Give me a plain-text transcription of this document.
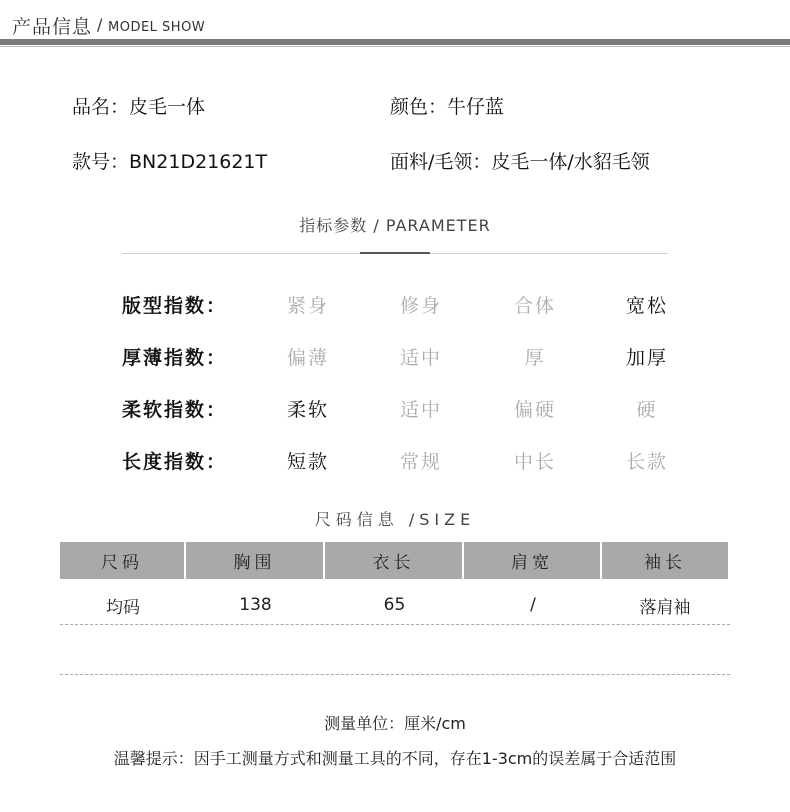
产品信息 / MODEL SHOW
品名：皮毛一体	颜色：牛仔蓝
款号：BN21D21621T	面料/毛领：皮毛一体/水貂毛领
指标参数 / PARAMETER
版型指数：	紧身	修身	合体	宽松
厚薄指数：	偏薄	适中	厚	加厚
柔软指数：	柔软	适中	偏硬	硬
长度指数：	短款	常规	中长	长款
尺码信息 /SIZE
尺码	胸围	衣长	肩宽	袖长
均码	138	65	/	落肩袖
测量单位：厘米/cm
温馨提示：因手工测量方式和测量工具的不同，存在1-3cm的误差属于合适范围
